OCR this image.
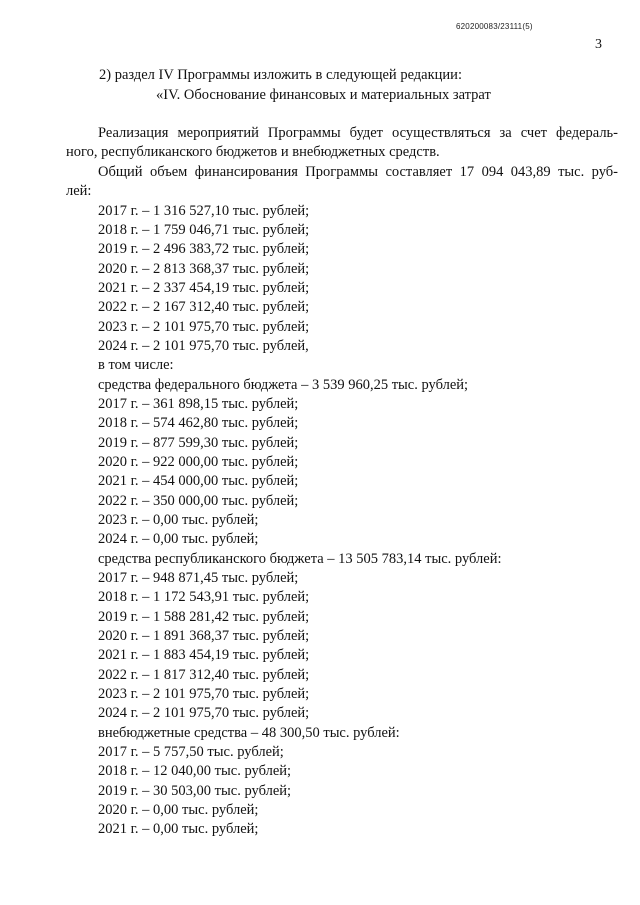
620200083/23111(5)
3
2) раздел IV Программы изложить в следующей редакции:
«IV. Обоснование финансовых и материальных затрат
Реализация мероприятий Программы будет осуществляться за счет федераль-
ного, республиканского бюджетов и внебюджетных средств.
Общий объем финансирования Программы составляет 17 094 043,89 тыс. руб-
лей:
2017 г. – 1 316 527,10 тыс. рублей;
2018 г. – 1 759 046,71 тыс. рублей;
2019 г. – 2 496 383,72 тыс. рублей;
2020 г. – 2 813 368,37 тыс. рублей;
2021 г. – 2 337 454,19 тыс. рублей;
2022 г. – 2 167 312,40 тыс. рублей;
2023 г. – 2 101 975,70 тыс. рублей;
2024 г. – 2 101 975,70 тыс. рублей,
в том числе:
средства федерального бюджета – 3 539 960,25 тыс. рублей;
2017 г. – 361 898,15 тыс. рублей;
2018 г. – 574 462,80 тыс. рублей;
2019 г. – 877 599,30 тыс. рублей;
2020 г. – 922 000,00 тыс. рублей;
2021 г. – 454 000,00 тыс. рублей;
2022 г. – 350 000,00 тыс. рублей;
2023 г. – 0,00 тыс. рублей;
2024 г. – 0,00 тыс. рублей;
средства республиканского бюджета – 13 505 783,14 тыс. рублей:
2017 г. – 948 871,45 тыс. рублей;
2018 г. – 1 172 543,91 тыс. рублей;
2019 г. – 1 588 281,42 тыс. рублей;
2020 г. – 1 891 368,37 тыс. рублей;
2021 г. – 1 883 454,19 тыс. рублей;
2022 г. – 1 817 312,40 тыс. рублей;
2023 г. – 2 101 975,70 тыс. рублей;
2024 г. – 2 101 975,70 тыс. рублей;
внебюджетные средства – 48 300,50 тыс. рублей:
2017 г. – 5 757,50 тыс. рублей;
2018 г. – 12 040,00 тыс. рублей;
2019 г. – 30 503,00 тыс. рублей;
2020 г. – 0,00 тыс. рублей;
2021 г. – 0,00 тыс. рублей;
